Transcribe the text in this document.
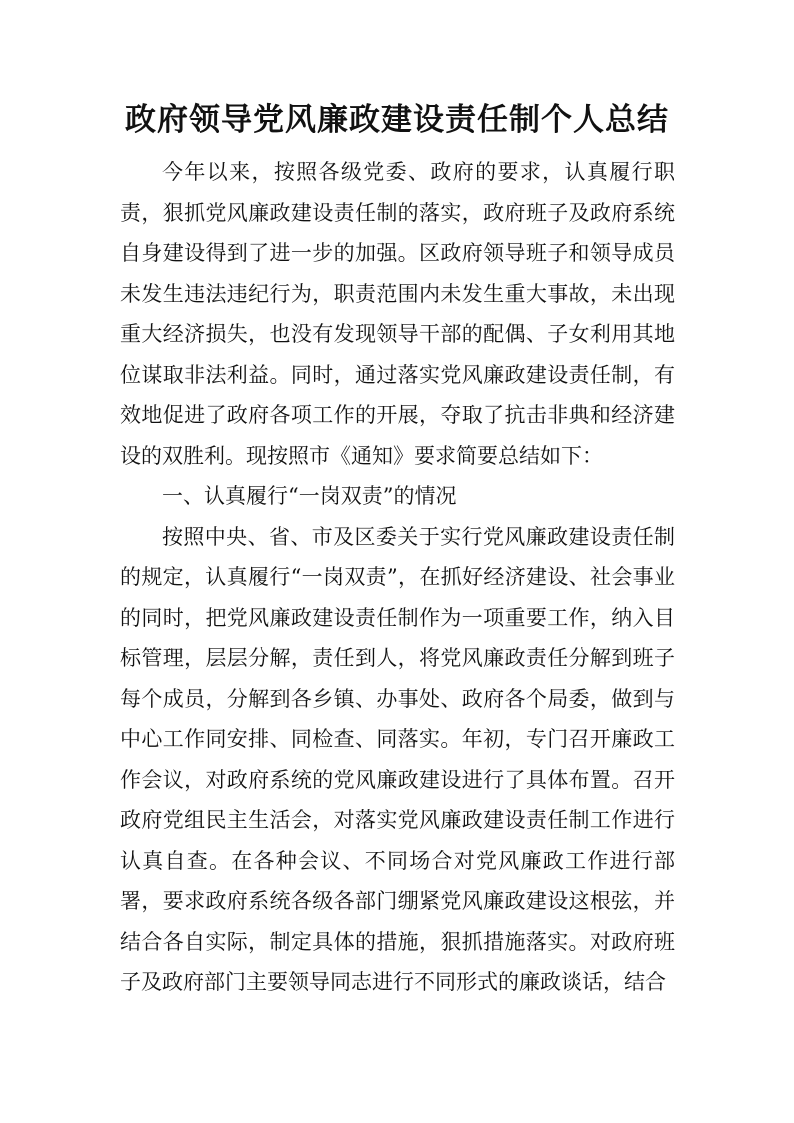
政府领导党风廉政建设责任制个人总结

今年以来，按照各级党委、政府的要求，认真履行职责，狠抓党风廉政建设责任制的落实，政府班子及政府系统自身建设得到了进一步的加强。区政府领导班子和领导成员未发生违法违纪行为，职责范围内未发生重大事故，未出现重大经济损失，也没有发现领导干部的配偶、子女利用其地位谋取非法利益。同时，通过落实党风廉政建设责任制，有效地促进了政府各项工作的开展，夺取了抗击非典和经济建设的双胜利。现按照市《通知》要求简要总结如下：

一、认真履行“一岗双责”的情况

按照中央、省、市及区委关于实行党风廉政建设责任制的规定，认真履行“一岗双责”，在抓好经济建设、社会事业的同时，把党风廉政建设责任制作为一项重要工作，纳入目标管理，层层分解，责任到人，将党风廉政责任分解到班子每个成员，分解到各乡镇、办事处、政府各个局委，做到与中心工作同安排、同检查、同落实。年初，专门召开廉政工作会议，对政府系统的党风廉政建设进行了具体布置。召开政府党组民主生活会，对落实党风廉政建设责任制工作进行认真自查。在各种会议、不同场合对党风廉政工作进行部署，要求政府系统各级各部门绷紧党风廉政建设这根弦，并结合各自实际，制定具体的措施，狠抓措施落实。对政府班子及政府部门主要领导同志进行不同形式的廉政谈话，结合
